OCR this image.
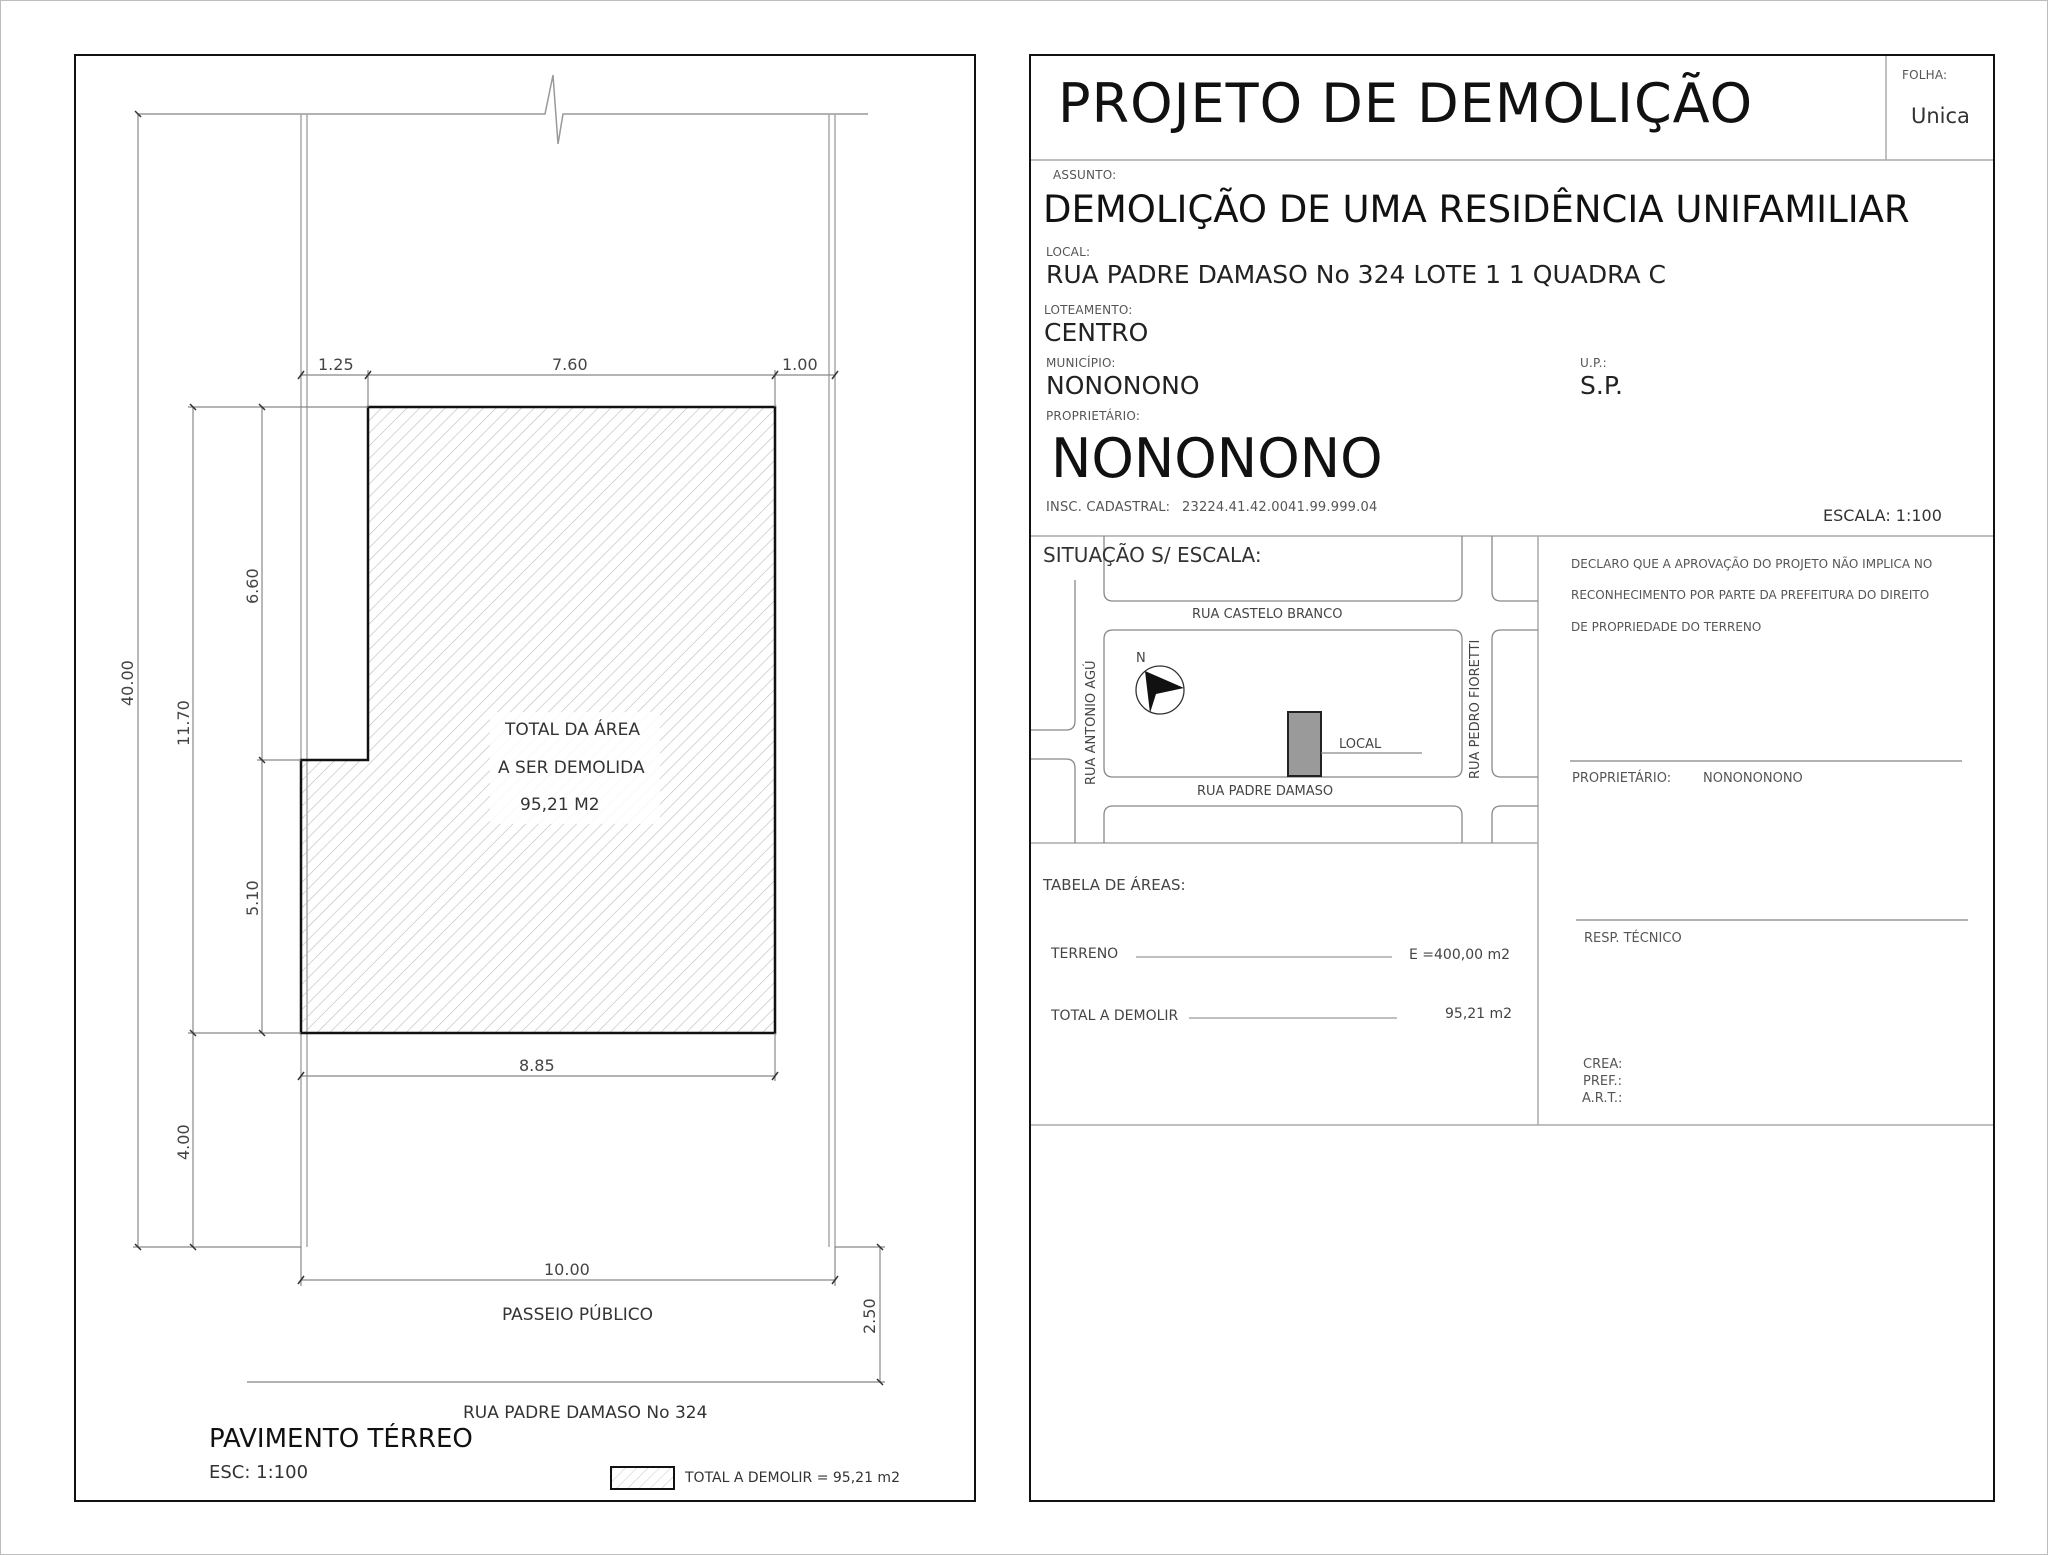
1.25	7.60	1.00
8.85
10.00
40.00
11.70
6.60
5.10
4.00
2.50
TOTAL DA ÁREA
A SER DEMOLIDA
95,21 M2
PASSEIO PÚBLICO
RUA PADRE DAMASO No 324
PAVIMENTO TÉRREO
ESC: 1:100	TOTAL A DEMOLIR = 95,21 m2
PROJETO DE DEMOLIÇÃO	FOLHA:
Unica
ASSUNTO:
DEMOLIÇÃO DE UMA RESIDÊNCIA UNIFAMILIAR
LOCAL:
RUA PADRE DAMASO No 324 LOTE 1 1 QUADRA C
LOTEAMENTO:
CENTRO
MUNICÍPIO:
NONONONO
U.P.:
S.P.
PROPRIETÁRIO:
NONONONO
INSC. CADASTRAL: 23224.41.42.0041.99.999.04	ESCALA: 1:100
SITUAÇÃO S/ ESCALA:
RUA CASTELO BRANCO
RUA PADRE DAMASO
RUA ANTONIO AGÚ	RUA PEDRO FIORETTI
N
LOCAL
DECLARO QUE A APROVAÇÃO DO PROJETO NÃO IMPLICA NO
RECONHECIMENTO POR PARTE DA PREFEITURA DO DIREITO
DE PROPRIEDADE DO TERRENO
PROPRIETÁRIO: NONONONONO
RESP. TÉCNICO
CREA:
PREF.:
A.R.T.:
TABELA DE ÁREAS:
TERRENO	E =400,00 m2
TOTAL A DEMOLIR	95,21 m2
